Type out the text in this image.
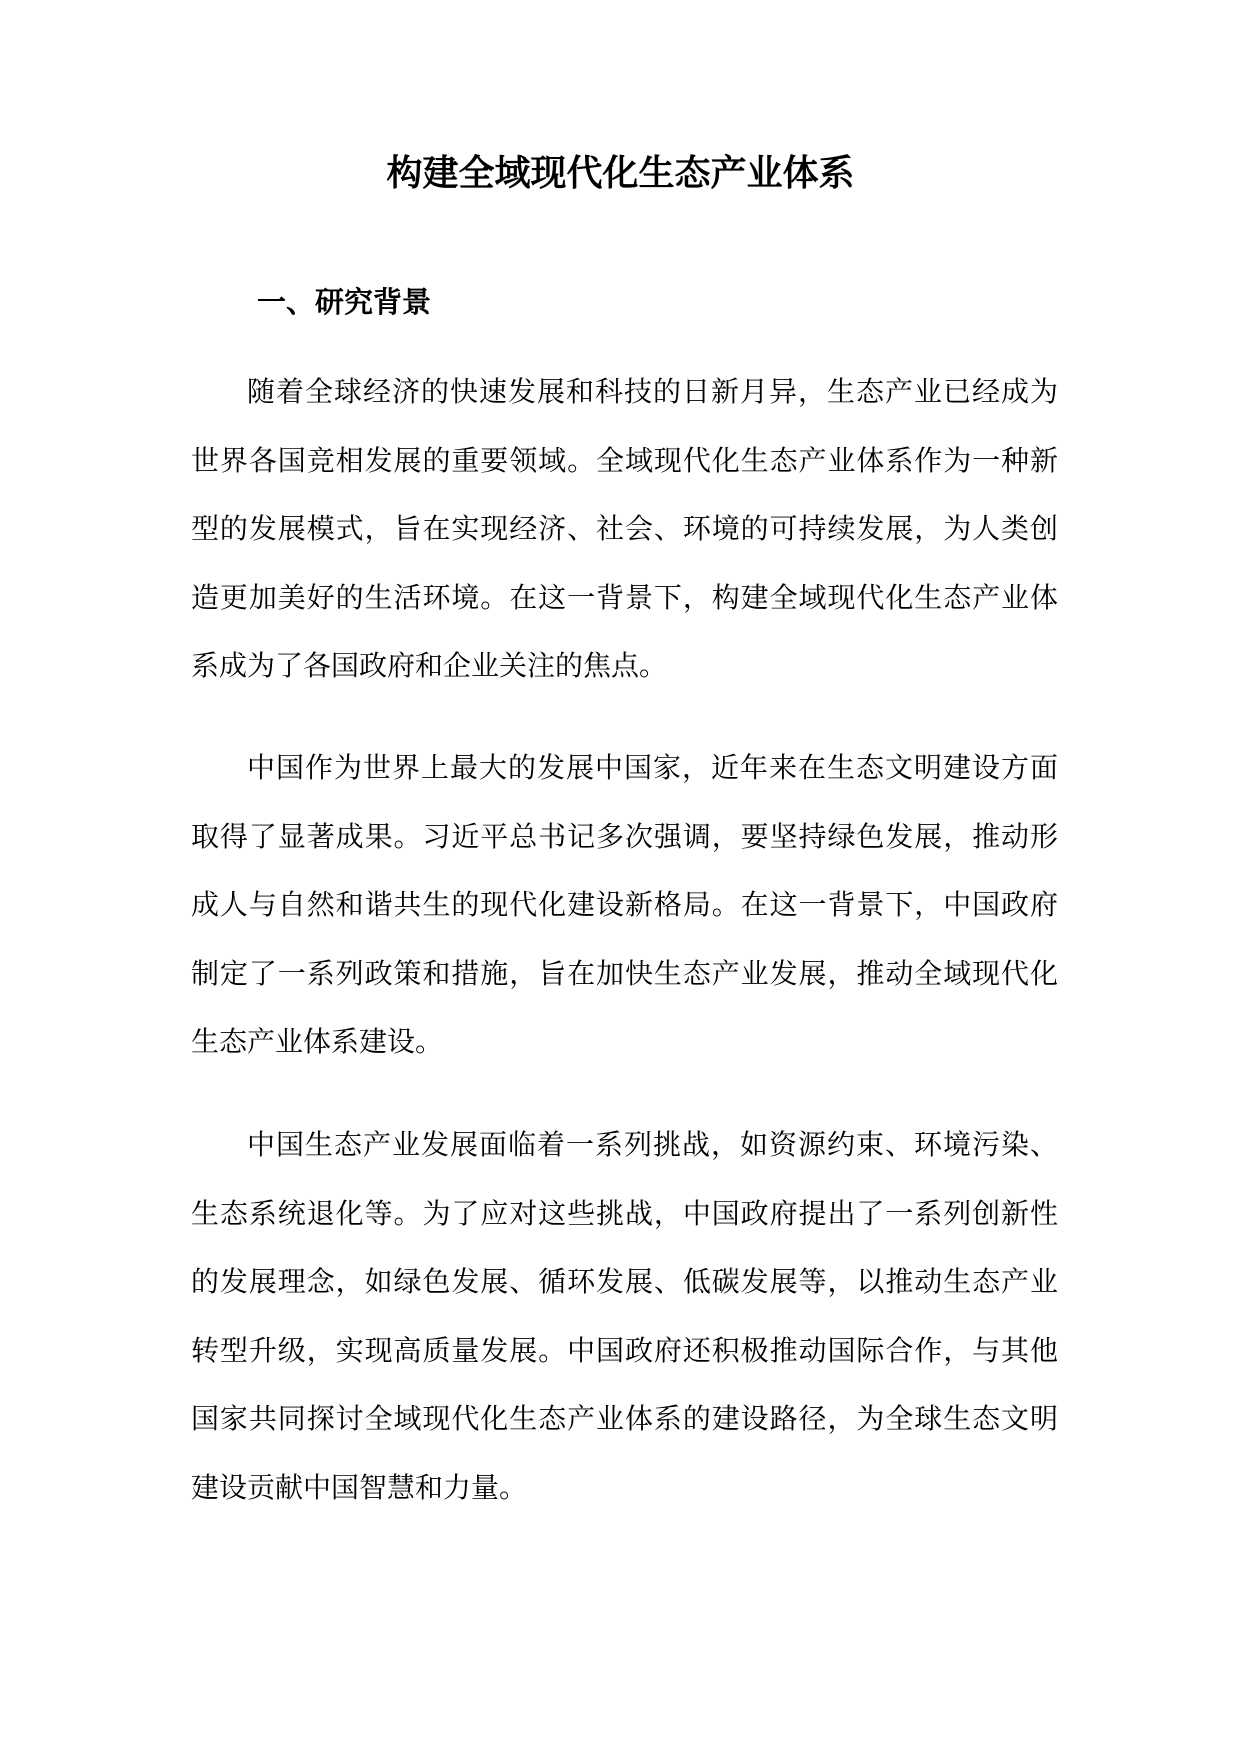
构建全域现代化生态产业体系
一、研究背景

随着全球经济的快速发展和科技的日新月异，生态产业已经成为世界各国竞相发展的重要领域。全域现代化生态产业体系作为一种新型的发展模式，旨在实现经济、社会、环境的可持续发展，为人类创造更加美好的生活环境。在这一背景下，构建全域现代化生态产业体系成为了各国政府和企业关注的焦点。

中国作为世界上最大的发展中国家，近年来在生态文明建设方面取得了显著成果。习近平总书记多次强调，要坚持绿色发展，推动形成人与自然和谐共生的现代化建设新格局。在这一背景下，中国政府制定了一系列政策和措施，旨在加快生态产业发展，推动全域现代化生态产业体系建设。

中国生态产业发展面临着一系列挑战，如资源约束、环境污染、生态系统退化等。为了应对这些挑战，中国政府提出了一系列创新性的发展理念，如绿色发展、循环发展、低碳发展等，以推动生态产业转型升级，实现高质量发展。中国政府还积极推动国际合作，与其他国家共同探讨全域现代化生态产业体系的建设路径，为全球生态文明建设贡献中国智慧和力量。
